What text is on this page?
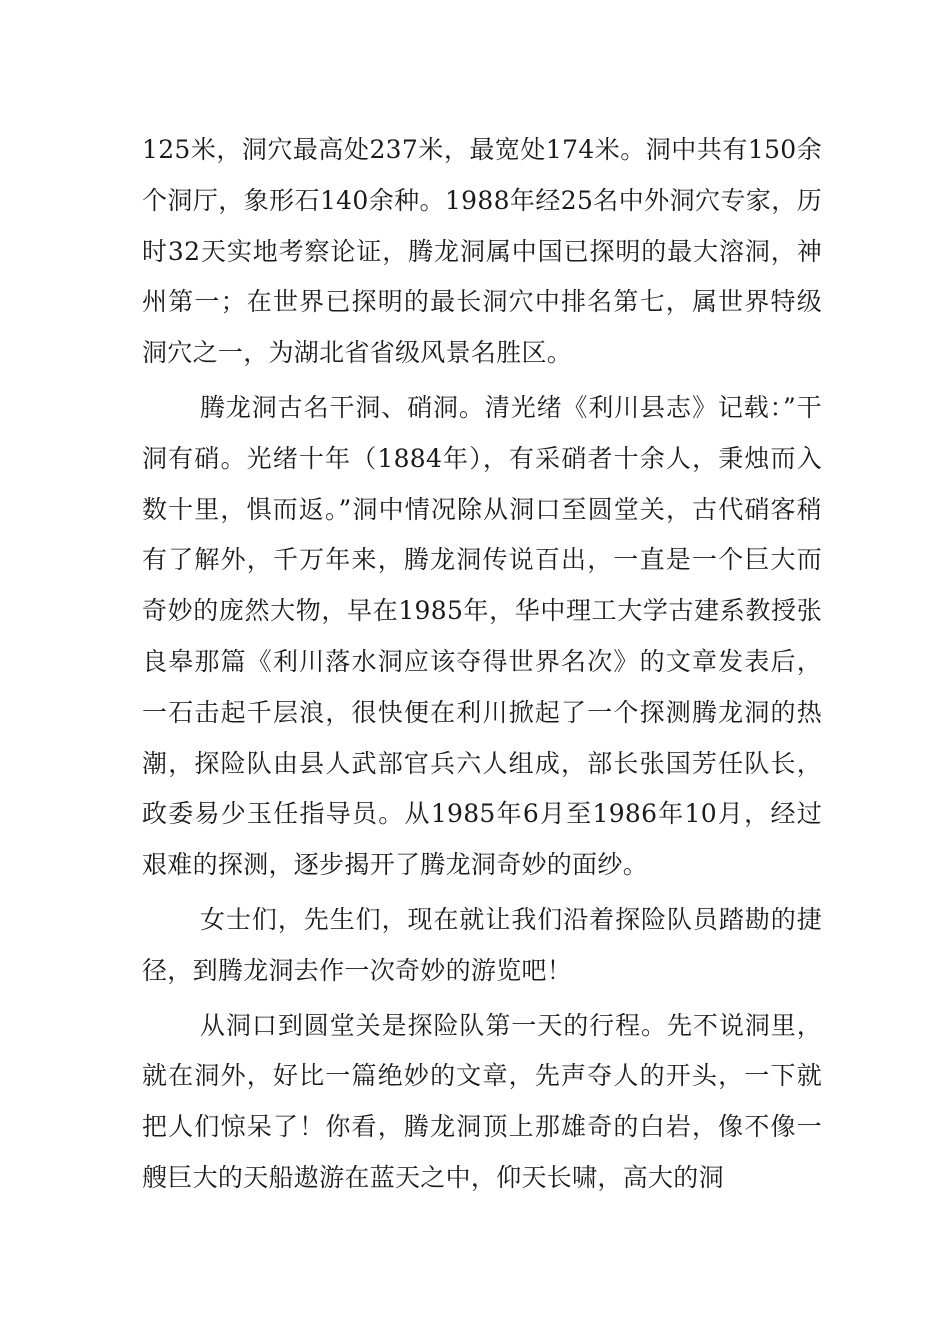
125米，洞穴最高处237米，最宽处174米。洞中共有150余个洞厅，象形石140余种。1988年经25名中外洞穴专家，历时32天实地考察论证，腾龙洞属中国已探明的最大溶洞，神州第一；在世界已探明的最长洞穴中排名第七，属世界特级洞穴之一，为湖北省省级风景名胜区。

腾龙洞古名干洞、硝洞。清光绪《利川县志》记载：”干洞有硝。光绪十年（1884年），有采硝者十余人，秉烛而入数十里，惧而返。”洞中情况除从洞口至圆堂关，古代硝客稍有了解外，千万年来，腾龙洞传说百出，一直是一个巨大而奇妙的庞然大物，早在1985年，华中理工大学古建系教授张良皋那篇《利川落水洞应该夺得世界名次》的文章发表后，一石击起千层浪，很快便在利川掀起了一个探测腾龙洞的热潮，探险队由县人武部官兵六人组成，部长张国芳任队长，政委易少玉任指导员。从1985年6月至1986年10月，经过艰难的探测，逐步揭开了腾龙洞奇妙的面纱。

女士们，先生们，现在就让我们沿着探险队员踏勘的捷径，到腾龙洞去作一次奇妙的游览吧！

从洞口到圆堂关是探险队第一天的行程。先不说洞里，就在洞外，好比一篇绝妙的文章，先声夺人的开头，一下就把人们惊呆了！你看，腾龙洞顶上那雄奇的白岩，像不像一艘巨大的天船遨游在蓝天之中，仰天长啸，高大的洞
